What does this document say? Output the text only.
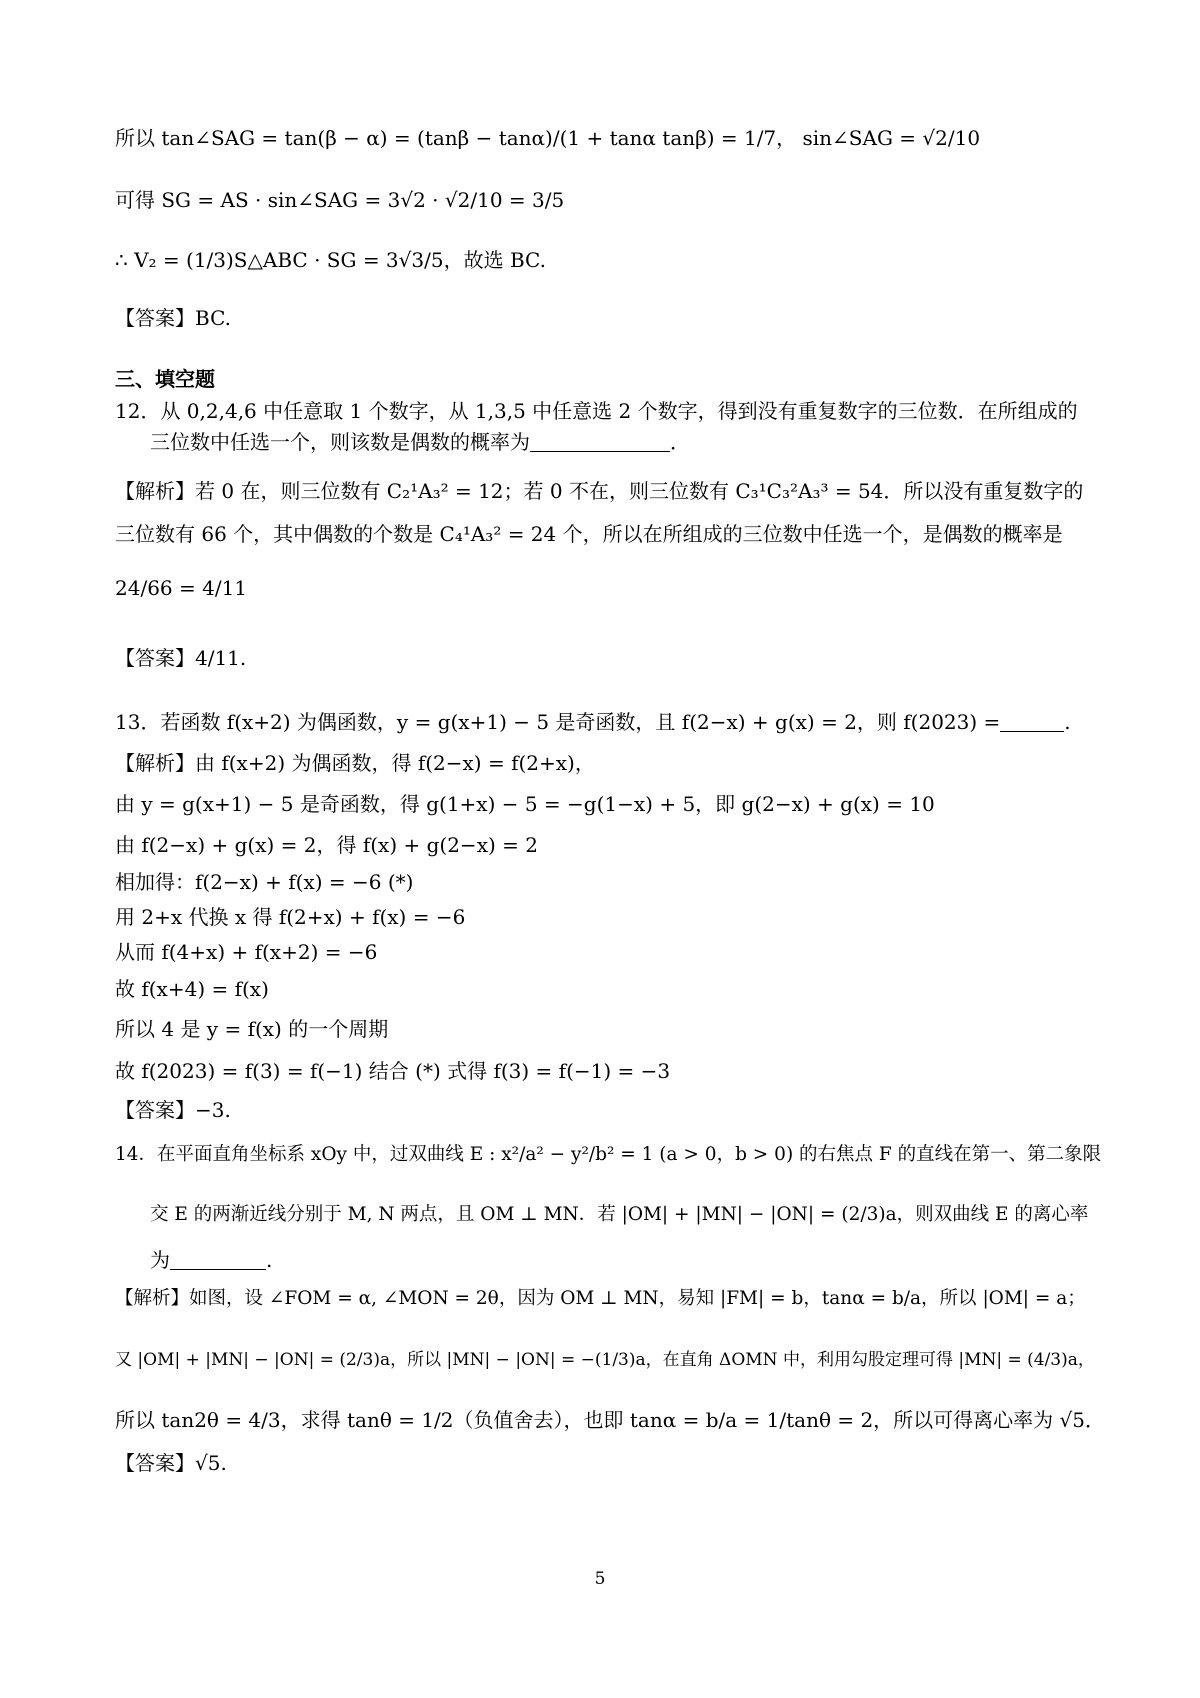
所以 tan∠SAG = tan(β − α) = (tanβ − tanα)/(1 + tanα tanβ) = 1/7， sin∠SAG = √2/10
可得 SG = AS · sin∠SAG = 3√2 · √2/10 = 3/5
∴ V₂ = (1/3)S△ABC · SG = 3√3/5，故选 BC.
【答案】BC.
三、填空题
12．从 0,2,4,6 中任意取 1 个数字，从 1,3,5 中任意选 2 个数字，得到没有重复数字的三位数．在所组成的
三位数中任选一个，则该数是偶数的概率为	．
【解析】若 0 在，则三位数有 C₂¹A₃² = 12；若 0 不在，则三位数有 C₃¹C₃²A₃³ = 54．所以没有重复数字的
三位数有 66 个，其中偶数的个数是 C₄¹A₃² = 24 个，所以在所组成的三位数中任选一个，是偶数的概率是
24/66 = 4/11
【答案】4/11.
13．若函数 f(x+2) 为偶函数，y = g(x+1) − 5 是奇函数，且 f(2−x) + g(x) = 2，则 f(2023) =	.
【解析】由 f(x+2) 为偶函数，得 f(2−x) = f(2+x)，
由 y = g(x+1) − 5 是奇函数，得 g(1+x) − 5 = −g(1−x) + 5，即 g(2−x) + g(x) = 10
由 f(2−x) + g(x) = 2，得 f(x) + g(2−x) = 2
相加得：f(2−x) + f(x) = −6 (*)
用 2+x 代换 x 得 f(2+x) + f(x) = −6
从而 f(4+x) + f(x+2) = −6
故 f(x+4) = f(x)
所以 4 是 y = f(x) 的一个周期
故 f(2023) = f(3) = f(−1) 结合 (*) 式得 f(3) = f(−1) = −3
【答案】−3.
14．在平面直角坐标系 xOy 中，过双曲线 E : x²/a² − y²/b² = 1 (a > 0，b > 0) 的右焦点 F 的直线在第一、第二象限
交 E 的两渐近线分别于 M, N 两点，且 OM ⊥ MN．若 |OM| + |MN| − |ON| = (2/3)a，则双曲线 E 的离心率
为	.
【解析】如图，设 ∠FOM = α, ∠MON = 2θ，因为 OM ⊥ MN，易知 |FM| = b，tanα = b/a，所以 |OM| = a；
又 |OM| + |MN| − |ON| = (2/3)a，所以 |MN| − |ON| = −(1/3)a，在直角 ΔOMN 中，利用勾股定理可得 |MN| = (4/3)a，
所以 tan2θ = 4/3，求得 tanθ = 1/2（负值舍去），也即 tanα = b/a = 1/tanθ = 2，所以可得离心率为 √5．
【答案】√5.
5
